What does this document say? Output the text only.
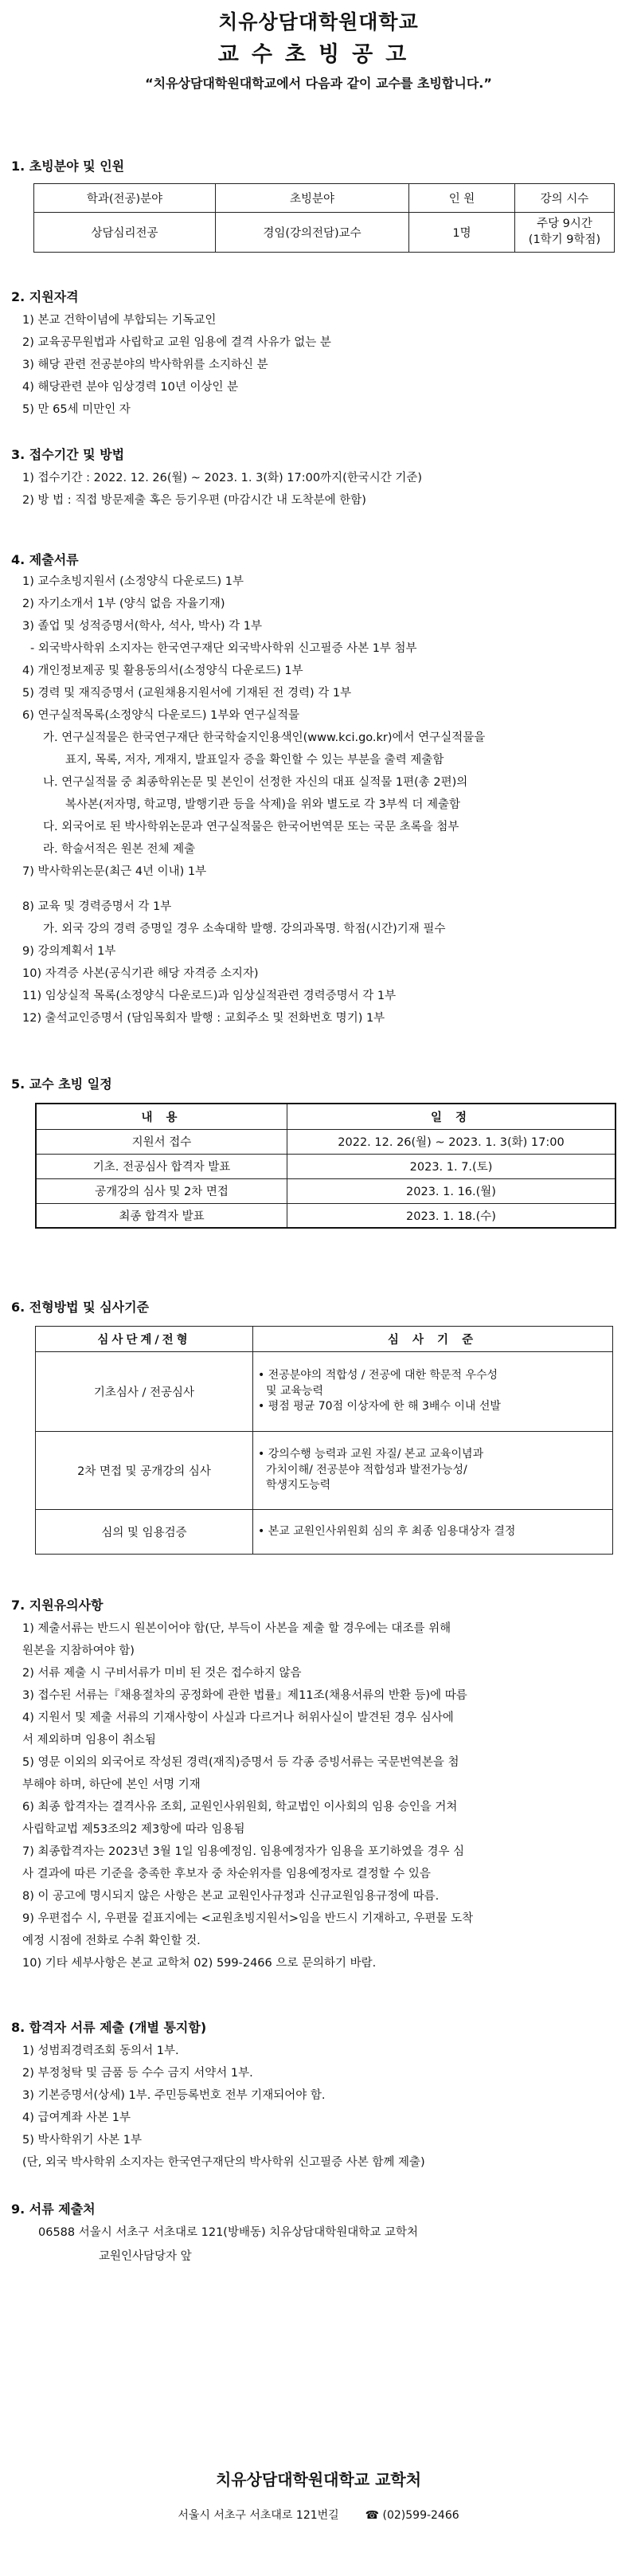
치유상담대학원대학교
교수초빙공고
“치유상담대학원대학교에서 다음과 같이 교수를 초빙합니다.”
1. 초빙분야 및 인원
학과(전공)분야	초빙분야	인 원	강의 시수
상담심리전공	경임(강의전담)교수	1명	주당 9시간
(1학기 9학점)
2. 지원자격
1) 본교 건학이념에 부합되는 기독교인
2) 교육공무원법과 사립학교 교원 임용에 결격 사유가 없는 분
3) 해당 관련 전공분야의 박사학위를 소지하신 분
4) 해당관련 분야 임상경력 10년 이상인 분
5) 만 65세 미만인 자
3. 접수기간 및 방법
1) 접수기간 : 2022. 12. 26(월) ~ 2023. 1. 3(화) 17:00까지(한국시간 기준)
2) 방 법 : 직접 방문제출 혹은 등기우편 (마감시간 내 도착분에 한함)
4. 제출서류
1) 교수초빙지원서 (소정양식 다운로드) 1부
2) 자기소개서 1부 (양식 없음 자율기재)
3) 졸업 및 성적증명서(학사, 석사, 박사) 각 1부
- 외국박사학위 소지자는 한국연구재단 외국박사학위 신고필증 사본 1부 첨부
4) 개인정보제공 및 활용동의서(소정양식 다운로드) 1부
5) 경력 및 재직증명서 (교원채용지원서에 기재된 전 경력) 각 1부
6) 연구실적목록(소정양식 다운로드) 1부와 연구실적물
가. 연구실적물은 한국연구재단 한국학술지인용색인(www.kci.go.kr)에서 연구실적물을
표지, 목록, 저자, 게재지, 발표일자 증을 확인할 수 있는 부분을 출력 제출함
나. 연구실적물 중 최종학위논문 및 본인이 선정한 자신의 대표 실적물 1편(총 2편)의
복사본(저자명, 학교명, 발행기관 등을 삭제)을 위와 별도로 각 3부씩 더 제출함
다. 외국어로 된 박사학위논문과 연구실적물은 한국어번역문 또는 국문 초록을 첨부
라. 학술서적은 원본 전체 제출
7) 박사학위논문(최근 4년 이내) 1부
8) 교육 및 경력증명서 각 1부
가. 외국 강의 경력 증명일 경우 소속대학 발행. 강의과목명. 학점(시간)기재 필수
9) 강의계획서 1부
10) 자격증 사본(공식기관 해당 자격증 소지자)
11) 임상실적 목록(소정양식 다운로드)과 임상실적관련 경력증명서 각 1부
12) 출석교인증명서 (담임목회자 발행 : 교회주소 및 전화번호 명기) 1부
5. 교수 초빙 일정
내 용	일 정
지원서 접수	2022. 12. 26(월) ~ 2023. 1. 3(화) 17:00
기초. 전공심사 합격자 발표	2023. 1. 7.(토)
공개강의 심사 및 2차 면접	2023. 1. 16.(월)
최종 합격자 발표	2023. 1. 18.(수)
6. 전형방법 및 심사기준
심사단계/전형	심 사 기 준
기초심사 / 전공심사	• 전공분야의 적합성 / 전공에 대한 학문적 우수성
및 교육능력
• 평점 평균 70점 이상자에 한 해 3배수 이내 선발

2차 면접 및 공개강의 심사	• 강의수행 능력과 교원 자질/ 본교 교육이념과
가치이해/ 전공분야 적합성과 발전가능성/
학생지도능력

심의 및 임용검증	• 본교 교원인사위원회 심의 후 최종 임용대상자 결정
7. 지원유의사항
1) 제출서류는 반드시 원본이어야 함(단, 부득이 사본을 제출 할 경우에는 대조를 위해
원본을 지참하여야 함)
2) 서류 제출 시 구비서류가 미비 된 것은 접수하지 않음
3) 접수된 서류는『채용절차의 공정화에 관한 법률』제11조(채용서류의 반환 등)에 따름
4) 지원서 및 제출 서류의 기재사항이 사실과 다르거나 허위사실이 발견된 경우 심사에
서 제외하며 임용이 취소됨
5) 영문 이외의 외국어로 작성된 경력(재직)증명서 등 각종 증빙서류는 국문번역본을 첨
부해야 하며, 하단에 본인 서명 기재
6) 최종 합격자는 결격사유 조회, 교원인사위원회, 학교법인 이사회의 임용 승인을 거쳐
사립학교법 제53조의2 제3항에 따라 임용됨
7) 최종합격자는 2023년 3월 1일 임용예정임. 임용예정자가 임용을 포기하였을 경우 심
사 결과에 따른 기준을 충족한 후보자 중 차순위자를 임용예정자로 결정할 수 있음
8) 이 공고에 명시되지 않은 사항은 본교 교원인사규정과 신규교원임용규정에 따름.
9) 우편접수 시, 우편물 겉표지에는 <교원초빙지원서>임을 반드시 기재하고, 우편물 도착
예정 시점에 전화로 수취 확인할 것.
10) 기타 세부사항은 본교 교학처 02) 599-2466 으로 문의하기 바람.
8. 합격자 서류 제출 (개별 통지함)
1) 성범죄경력조회 동의서 1부.
2) 부정청탁 및 금품 등 수수 금지 서약서 1부.
3) 기본증명서(상세) 1부. 주민등록번호 전부 기재되어야 함.
4) 급여계좌 사본 1부
5) 박사학위기 사본 1부
(단, 외국 박사학위 소지자는 한국연구재단의 박사학위 신고필증 사본 함께 제출)
9. 서류 제출처
06588 서울시 서초구 서초대로 121(방배동) 치유상담대학원대학교 교학처
교원인사담당자 앞
치유상담대학원대학교 교학처
서울시 서초구 서초대로 121번길 ☎ (02)599-2466
